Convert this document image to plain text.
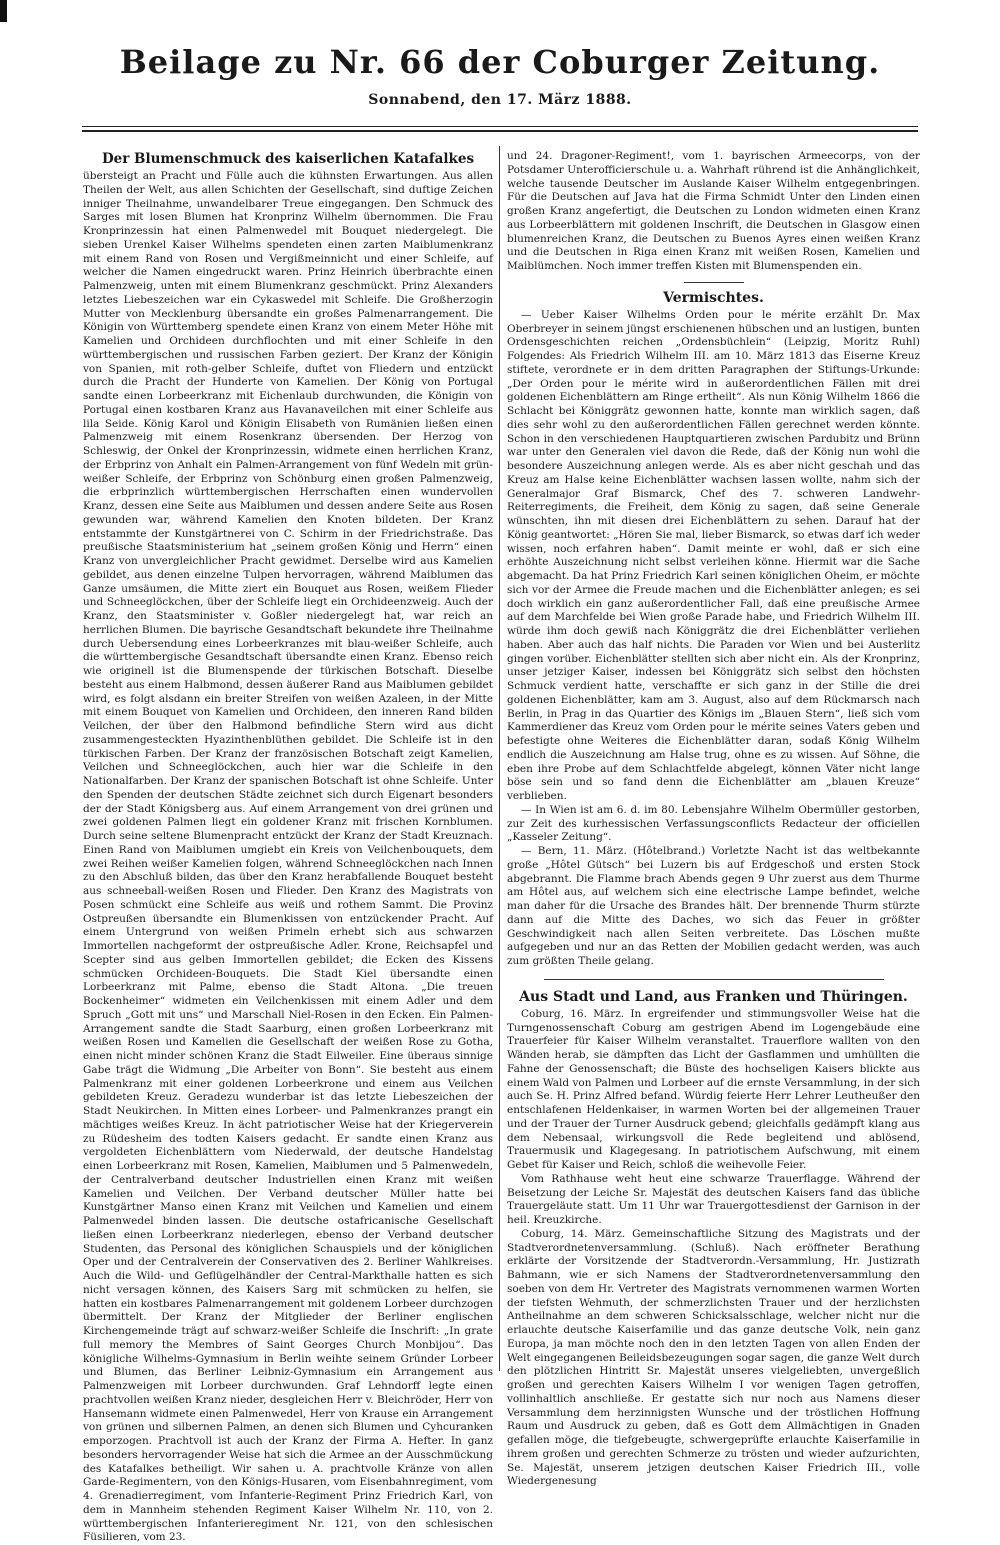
Beilage zu Nr. 66 der Coburger Zeitung.
Sonnabend, den 17. März 1888.
Der Blumenschmuck des kaiserlichen Katafalkes

übersteigt an Pracht und Fülle auch die kühnsten Erwartungen. Aus allen Theilen der Welt, aus allen Schichten der Gesellschaft, sind duftige Zeichen inniger Theilnahme, unwandelbarer Treue eingegangen. Den Schmuck des Sarges mit losen Blumen hat Kronprinz Wilhelm übernommen. Die Frau Kronprinzessin hat einen Palmenwedel mit Bouquet niedergelegt. Die sieben Urenkel Kaiser Wilhelms spendeten einen zarten Maiblumenkranz mit einem Rand von Rosen und Vergißmeinnicht und einer Schleife, auf welcher die Namen eingedruckt waren. Prinz Heinrich überbrachte einen Palmenzweig, unten mit einem Blumenkranz geschmückt. Prinz Alexanders letztes Liebeszeichen war ein Cykaswedel mit Schleife. Die Großherzogin Mutter von Mecklenburg übersandte ein großes Palmenarrangement. Die Königin von Württemberg spendete einen Kranz von einem Meter Höhe mit Kamelien und Orchideen durchflochten und mit einer Schleife in den württembergischen und russischen Farben geziert. Der Kranz der Königin von Spanien, mit roth-gelber Schleife, duftet von Fliedern und entzückt durch die Pracht der Hunderte von Kamelien. Der König von Portugal sandte einen Lorbeerkranz mit Eichenlaub durchwunden, die Königin von Portugal einen kostbaren Kranz aus Havanaveilchen mit einer Schleife aus lila Seide. König Karol und Königin Elisabeth von Rumänien ließen einen Palmenzweig mit einem Rosenkranz übersenden. Der Herzog von Schleswig, der Onkel der Kronprinzessin, widmete einen herrlichen Kranz, der Erbprinz von Anhalt ein Palmen-Arrangement von fünf Wedeln mit grün-weißer Schleife, der Erbprinz von Schönburg einen großen Palmenzweig, die erbprinzlich württembergischen Herrschaften einen wundervollen Kranz, dessen eine Seite aus Maiblumen und dessen andere Seite aus Rosen gewunden war, während Kamelien den Knoten bildeten. Der Kranz entstammte der Kunstgärtnerei von C. Schirm in der Friedrichstraße. Das preußische Staatsministerium hat „seinem großen König und Herrn“ einen Kranz von unvergleichlicher Pracht gewidmet. Derselbe wird aus Kamelien gebildet, aus denen einzelne Tulpen hervorragen, während Maiblumen das Ganze umsäumen, die Mitte ziert ein Bouquet aus Rosen, weißem Flieder und Schneeglöckchen, über der Schleife liegt ein Orchideenzweig. Auch der Kranz, den Staatsminister v. Goßler niedergelegt hat, war reich an herrlichen Blumen. Die bayrische Gesandtschaft bekundete ihre Theilnahme durch Uebersendung eines Lorbeerkranzes mit blau-weißer Schleife, auch die württembergische Gesandtschaft übersandte einen Kranz. Ebenso reich wie originell ist die Blumenspende der türkischen Botschaft. Dieselbe besteht aus einem Halbmond, dessen äußerer Rand aus Maiblumen gebildet wird, es folgt alsdann ein breiter Streifen von weißen Azaleen, in der Mitte mit einem Bouquet von Kamelien und Orchideen, den inneren Rand bilden Veilchen, der über den Halbmond befindliche Stern wird aus dicht zusammengesteckten Hyazinthenblüthen gebildet. Die Schleife ist in den türkischen Farben. Der Kranz der französischen Botschaft zeigt Kamelien, Veilchen und Schneeglöckchen, auch hier war die Schleife in den Nationalfarben. Der Kranz der spanischen Botschaft ist ohne Schleife. Unter den Spenden der deutschen Städte zeichnet sich durch Eigenart besonders der der Stadt Königsberg aus. Auf einem Arrangement von drei grünen und zwei goldenen Palmen liegt ein goldener Kranz mit frischen Kornblumen. Durch seine seltene Blumenpracht entzückt der Kranz der Stadt Kreuznach. Einen Rand von Maiblumen umgiebt ein Kreis von Veilchenbouquets, dem zwei Reihen weißer Kamelien folgen, während Schneeglöckchen nach Innen zu den Abschluß bilden, das über den Kranz herabfallende Bouquet besteht aus schneeball-weißen Rosen und Flieder. Den Kranz des Magistrats von Posen schmückt eine Schleife aus weiß und rothem Sammt. Die Provinz Ostpreußen übersandte ein Blumenkissen von entzückender Pracht. Auf einem Untergrund von weißen Primeln erhebt sich aus schwarzen Immortellen nachgeformt der ostpreußische Adler. Krone, Reichsapfel und Scepter sind aus gelben Immortellen gebildet; die Ecken des Kissens schmücken Orchideen-Bouquets. Die Stadt Kiel übersandte einen Lorbeerkranz mit Palme, ebenso die Stadt Altona. „Die treuen Bockenheimer“ widmeten ein Veilchenkissen mit einem Adler und dem Spruch „Gott mit uns“ und Marschall Niel-Rosen in den Ecken. Ein Palmen-Arrangement sandte die Stadt Saarburg, einen großen Lorbeerkranz mit weißen Rosen und Kamelien die Gesellschaft der weißen Rose zu Gotha, einen nicht minder schönen Kranz die Stadt Eilweiler. Eine überaus sinnige Gabe trägt die Widmung „Die Arbeiter von Bonn“. Sie besteht aus einem Palmenkranz mit einer goldenen Lorbeerkrone und einem aus Veilchen gebildeten Kreuz. Geradezu wunderbar ist das letzte Liebeszeichen der Stadt Neukirchen. In Mitten eines Lorbeer- und Palmenkranzes prangt ein mächtiges weißes Kreuz. In ächt patriotischer Weise hat der Kriegerverein zu Rüdesheim des todten Kaisers gedacht. Er sandte einen Kranz aus vergoldeten Eichenblättern vom Niederwald, der deutsche Handelstag einen Lorbeerkranz mit Rosen, Kamelien, Maiblumen und 5 Palmenwedeln, der Centralverband deutscher Industriellen einen Kranz mit weißen Kamelien und Veilchen. Der Verband deutscher Müller hatte bei Kunstgärtner Manso einen Kranz mit Veilchen und Kamelien und einem Palmenwedel binden lassen. Die deutsche ostafricanische Gesellschaft ließen einen Lorbeerkranz niederlegen, ebenso der Verband deutscher Studenten, das Personal des königlichen Schauspiels und der königlichen Oper und der Centralverein der Conservativen des 2. Berliner Wahlkreises. Auch die Wild- und Geflügelhändler der Central-Markthalle hatten es sich nicht versagen können, des Kaisers Sarg mit schmücken zu helfen, sie hatten ein kostbares Palmenarrangement mit goldenem Lorbeer durchzogen übermittelt. Der Kranz der Mitglieder der Berliner englischen Kirchengemeinde trägt auf schwarz-weißer Schleife die Inschrift: „In grate full memory the Membres of Saint Georges Church Monbijou“. Das königliche Wilhelms-Gymnasium in Berlin weihte seinem Gründer Lorbeer und Blumen, das Berliner Leibniz-Gymnasium ein Arrangement aus Palmenzweigen mit Lorbeer durchwunden. Graf Lehndorff legte einen prachtvollen weißen Kranz nieder, desgleichen Herr v. Bleichröder, Herr von Hansemann widmete einen Palmenwedel, Herr von Krause ein Arrangement von grünen und silbernen Palmen, an denen sich Blumen und Cyhcuranken emporzogen. Prachtvoll ist auch der Kranz der Firma A. Hefter. In ganz besonders hervorragender Weise hat sich die Armee an der Ausschmückung des Katafalkes betheiligt. Wir sahen u. A. prachtvolle Kränze von allen Garde-Regimentern, von den Königs-Husaren, vom Eisenbahnregiment, vom 4. Grenadierregiment, vom Infanterie-Regiment Prinz Friedrich Karl, von dem in Mannheim stehenden Regiment Kaiser Wilhelm Nr. 110, von 2. württembergischen Infanterieregiment Nr. 121, von den schlesischen Füsilieren, vom 23.

und 24. Dragoner-Regiment!, vom 1. bayrischen Armeecorps, von der Potsdamer Unterofficierschule u. a. Wahrhaft rührend ist die Anhänglichkeit, welche tausende Deutscher im Auslande Kaiser Wilhelm entgegenbringen. Für die Deutschen auf Java hat die Firma Schmidt Unter den Linden einen großen Kranz angefertigt, die Deutschen zu London widmeten einen Kranz aus Lorbeerblättern mit goldenen Inschrift, die Deutschen in Glasgow einen blumenreichen Kranz, die Deutschen zu Buenos Ayres einen weißen Kranz und die Deutschen in Riga einen Kranz mit weißen Rosen, Kamelien und Maiblümchen. Noch immer treffen Kisten mit Blumenspenden ein.

Vermischtes.

— Ueber Kaiser Wilhelms Orden pour le mérite erzählt Dr. Max Oberbreyer in seinem jüngst erschienenen hübschen und an lustigen, bunten Ordensgeschichten reichen „Ordensbüchlein“ (Leipzig, Moritz Ruhl) Folgendes: Als Friedrich Wilhelm III. am 10. März 1813 das Eiserne Kreuz stiftete, verordnete er in dem dritten Paragraphen der Stiftungs-Urkunde: „Der Orden pour le mérite wird in außerordentlichen Fällen mit drei goldenen Eichenblättern am Ringe ertheilt“. Als nun König Wilhelm 1866 die Schlacht bei Königgrätz gewonnen hatte, konnte man wirklich sagen, daß dies sehr wohl zu den außerordentlichen Fällen gerechnet werden könnte. Schon in den verschiedenen Hauptquartieren zwischen Pardubitz und Brünn war unter den Generalen viel davon die Rede, daß der König nun wohl die besondere Auszeichnung anlegen werde. Als es aber nicht geschah und das Kreuz am Halse keine Eichenblätter wachsen lassen wollte, nahm sich der Generalmajor Graf Bismarck, Chef des 7. schweren Landwehr-Reiterregiments, die Freiheit, dem König zu sagen, daß seine Generale wünschten, ihn mit diesen drei Eichenblättern zu sehen. Darauf hat der König geantwortet: „Hören Sie mal, lieber Bismarck, so etwas darf ich weder wissen, noch erfahren haben“. Damit meinte er wohl, daß er sich eine erhöhte Auszeichnung nicht selbst verleihen könne. Hiermit war die Sache abgemacht. Da hat Prinz Friedrich Karl seinen königlichen Oheim, er möchte sich vor der Armee die Freude machen und die Eichenblätter anlegen; es sei doch wirklich ein ganz außerordentlicher Fall, daß eine preußische Armee auf dem Marchfelde bei Wien große Parade habe, und Friedrich Wilhelm III. würde ihm doch gewiß nach Königgrätz die drei Eichenblätter verliehen haben. Aber auch das half nichts. Die Paraden vor Wien und bei Austerlitz gingen vorüber. Eichenblätter stellten sich aber nicht ein. Als der Kronprinz, unser jetziger Kaiser, indessen bei Königgrätz sich selbst den höchsten Schmuck verdient hatte, verschaffte er sich ganz in der Stille die drei goldenen Eichenblätter, kam am 3. August, also auf dem Rückmarsch nach Berlin, in Prag in das Quartier des Königs im „Blauen Stern“, ließ sich vom Kammerdiener das Kreuz vom Orden pour le mérite seines Vaters geben und befestigte ohne Weiteres die Eichenblätter daran, sodaß König Wilhelm endlich die Auszeichnung am Halse trug, ohne es zu wissen. Auf Söhne, die eben ihre Probe auf dem Schlachtfelde abgelegt, können Väter nicht lange böse sein und so fand denn die Eichenblätter am „blauen Kreuze“ verblieben.

— In Wien ist am 6. d. im 80. Lebensjahre Wilhelm Obermüller gestorben, zur Zeit des kurhessischen Verfassungsconflicts Redacteur der officiellen „Kasseler Zeitung“.

— Bern, 11. März. (Hôtelbrand.) Vorletzte Nacht ist das weltbekannte große „Hôtel Gütsch“ bei Luzern bis auf Erdgeschoß und ersten Stock abgebrannt. Die Flamme brach Abends gegen 9 Uhr zuerst aus dem Thurme am Hôtel aus, auf welchem sich eine electrische Lampe befindet, welche man daher für die Ursache des Brandes hält. Der brennende Thurm stürzte dann auf die Mitte des Daches, wo sich das Feuer in größter Geschwindigkeit nach allen Seiten verbreitete. Das Löschen mußte aufgegeben und nur an das Retten der Mobilien gedacht werden, was auch zum größten Theile gelang.

Aus Stadt und Land, aus Franken und Thüringen.

Coburg, 16. März. In ergreifender und stimmungsvoller Weise hat die Turngenossenschaft Coburg am gestrigen Abend im Logengebäude eine Trauerfeier für Kaiser Wilhelm veranstaltet. Trauerflore wallten von den Wänden herab, sie dämpften das Licht der Gasflammen und umhüllten die Fahne der Genossenschaft; die Büste des hochseligen Kaisers blickte aus einem Wald von Palmen und Lorbeer auf die ernste Versammlung, in der sich auch Se. H. Prinz Alfred befand. Würdig feierte Herr Lehrer Leutheußer den entschlafenen Heldenkaiser, in warmen Worten bei der allgemeinen Trauer und der Trauer der Turner Ausdruck gebend; gleichfalls gedämpft klang aus dem Nebensaal, wirkungsvoll die Rede begleitend und ablösend, Trauermusik und Klagegesang. In patriotischem Aufschwung, mit einem Gebet für Kaiser und Reich, schloß die weihevolle Feier.

Vom Rathhause weht heut eine schwarze Trauerflagge. Während der Beisetzung der Leiche Sr. Majestät des deutschen Kaisers fand das übliche Trauergeläute statt. Um 11 Uhr war Trauergottesdienst der Garnison in der heil. Kreuzkirche.

Coburg, 14. März. Gemeinschaftliche Sitzung des Magistrats und der Stadtverordnetenversammlung. (Schluß). Nach eröffneter Berathung erklärte der Vorsitzende der Stadtverordn.-Versammlung, Hr. Justizrath Bahmann, wie er sich Namens der Stadtverordnetenversammlung den soeben von dem Hr. Vertreter des Magistrats vernommenen warmen Worten der tiefsten Wehmuth, der schmerzlichsten Trauer und der herzlichsten Antheilnahme an dem schweren Schicksalsschlage, welcher nicht nur die erlauchte deutsche Kaiserfamilie und das ganze deutsche Volk, nein ganz Europa, ja man möchte noch den in den letzten Tagen von allen Enden der Welt eingegangenen Beileidsbezeugungen sogar sagen, die ganze Welt durch den plötzlichen Hintritt Sr. Majestät unseres vielgeliebten, unvergeßlich großen und gerechten Kaisers Wilhelm I vor wenigen Tagen getroffen, vollinhaltlich anschließe. Er gestatte sich nur noch aus Namens dieser Versammlung dem herzinnigsten Wunsche und der tröstlichen Hoffnung Raum und Ausdruck zu geben, daß es Gott dem Allmächtigen in Gnaden gefallen möge, die tiefgebeugte, schwergeprüfte erlauchte Kaiserfamilie in ihrem großen und gerechten Schmerze zu trösten und wieder aufzurichten, Se. Majestät, unserem jetzigen deutschen Kaiser Friedrich III., volle Wiedergenesung
